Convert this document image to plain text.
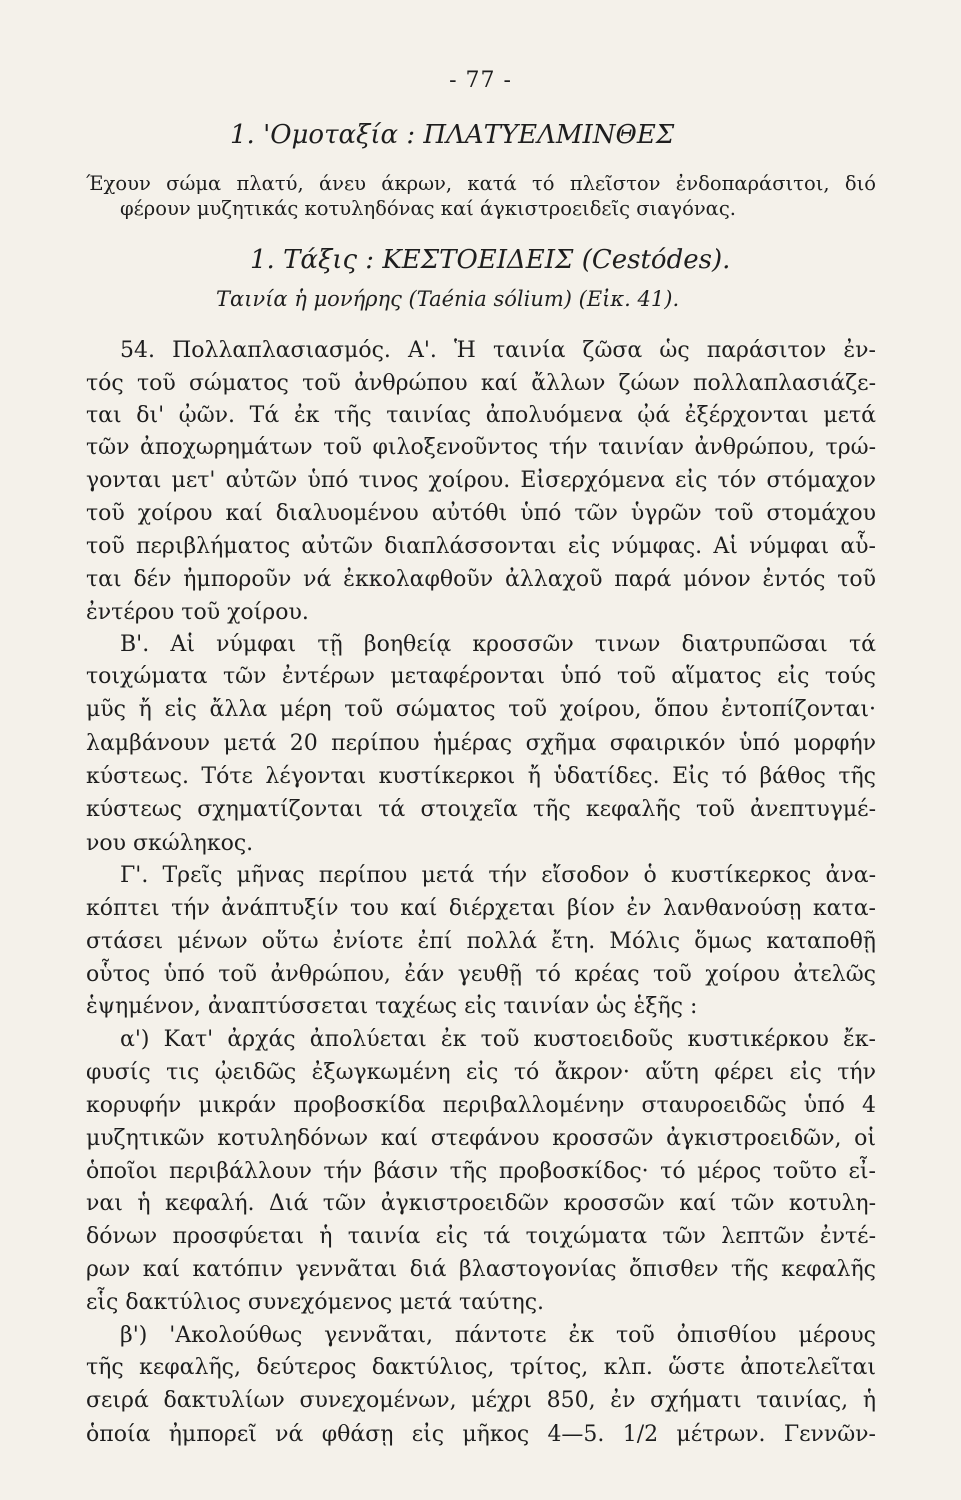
- 77 -
1. 'Ομοταξία : ΠΛΑΤΥΕΛΜΙΝΘΕΣ
Έχουν σώμα πλατύ, άνευ άκρων, κατά τό πλεῖστον ἐνδοπαράσιτοι, διό
φέρουν μυζητικάς κοτυληδόνας καί άγκιστροειδεῖς σιαγόνας.
1. Τάξις : ΚΕΣΤΟΕΙΔΕΙΣ (Cestódes).
Ταινία ἡ μονήρης (Taénia sólium) (Εἰκ. 41).
54. Πολλαπλασιασμός. Α'. Ἡ ταινία ζῶσα ὡς παράσιτον ἐν-
τός τοῦ σώματος τοῦ ἀνθρώπου καί ἄλλων ζώων πολλαπλασιάζε-
ται δι' ᾠῶν. Τά ἐκ τῆς ταινίας ἀπολυόμενα ᾠά ἐξέρχονται μετά
τῶν ἀποχωρημάτων τοῦ φιλοξενοῦντος τήν ταινίαν ἀνθρώπου, τρώ-
γονται μετ' αὐτῶν ὑπό τινος χοίρου. Εἰσερχόμενα εἰς τόν στόμαχον
τοῦ χοίρου καί διαλυομένου αὐτόθι ὑπό τῶν ὑγρῶν τοῦ στομάχου
τοῦ περιβλήματος αὐτῶν διαπλάσσονται εἰς νύμφας. Αἱ νύμφαι αὗ-
ται δέν ἠμποροῦν νά ἐκκολαφθοῦν ἀλλαχοῦ παρά μόνον ἐντός τοῦ
ἐντέρου τοῦ χοίρου.
Β'. Αἱ νύμφαι τῇ βοηθείᾳ κροσσῶν τινων διατρυπῶσαι τά
τοιχώματα τῶν ἐντέρων μεταφέρονται ὑπό τοῦ αἵματος εἰς τούς
μῦς ἤ εἰς ἄλλα μέρη τοῦ σώματος τοῦ χοίρου, ὅπου ἐντοπίζονται·
λαμβάνουν μετά 20 περίπου ἡμέρας σχῆμα σφαιρικόν ὑπό μορφήν
κύστεως. Τότε λέγονται κυστίκερκοι ἤ ὑδατίδες. Εἰς τό βάθος τῆς
κύστεως σχηματίζονται τά στοιχεῖα τῆς κεφαλῆς τοῦ ἀνεπτυγμέ-
νου σκώληκος.
Γ'. Τρεῖς μῆνας περίπου μετά τήν εἴσοδον ὁ κυστίκερκος ἀνα-
κόπτει τήν ἀνάπτυξίν του καί διέρχεται βίον ἐν λανθανούσῃ κατα-
στάσει μένων οὕτω ἐνίοτε ἐπί πολλά ἔτη. Μόλις ὅμως καταποθῇ
οὗτος ὑπό τοῦ ἀνθρώπου, ἐάν γευθῇ τό κρέας τοῦ χοίρου ἀτελῶς
ἑψημένον, ἀναπτύσσεται ταχέως εἰς ταινίαν ὡς ἑξῆς :
α') Κατ' ἀρχάς ἀπολύεται ἐκ τοῦ κυστοειδοῦς κυστικέρκου ἔκ-
φυσίς τις ᾠειδῶς ἐξωγκωμένη εἰς τό ἄκρον· αὕτη φέρει εἰς τήν
κορυφήν μικράν προβοσκίδα περιβαλλομένην σταυροειδῶς ὑπό 4
μυζητικῶν κοτυληδόνων καί στεφάνου κροσσῶν ἀγκιστροειδῶν, οἱ
ὁποῖοι περιβάλλουν τήν βάσιν τῆς προβοσκίδος· τό μέρος τοῦτο εἶ-
ναι ἡ κεφαλή. Διά τῶν ἀγκιστροειδῶν κροσσῶν καί τῶν κοτυλη-
δόνων προσφύεται ἡ ταινία εἰς τά τοιχώματα τῶν λεπτῶν ἐντέ-
ρων καί κατόπιν γεννᾶται διά βλαστογονίας ὄπισθεν τῆς κεφαλῆς
εἷς δακτύλιος συνεχόμενος μετά ταύτης.
β') 'Ακολούθως γεννᾶται, πάντοτε ἐκ τοῦ ὀπισθίου μέρους
τῆς κεφαλῆς, δεύτερος δακτύλιος, τρίτος, κλπ. ὥστε ἀποτελεῖται
σειρά δακτυλίων συνεχομένων, μέχρι 850, ἐν σχήματι ταινίας, ἡ
ὁποία ἠμπορεῖ νά φθάσῃ εἰς μῆκος 4—5. 1/2 μέτρων. Γεννῶν-
